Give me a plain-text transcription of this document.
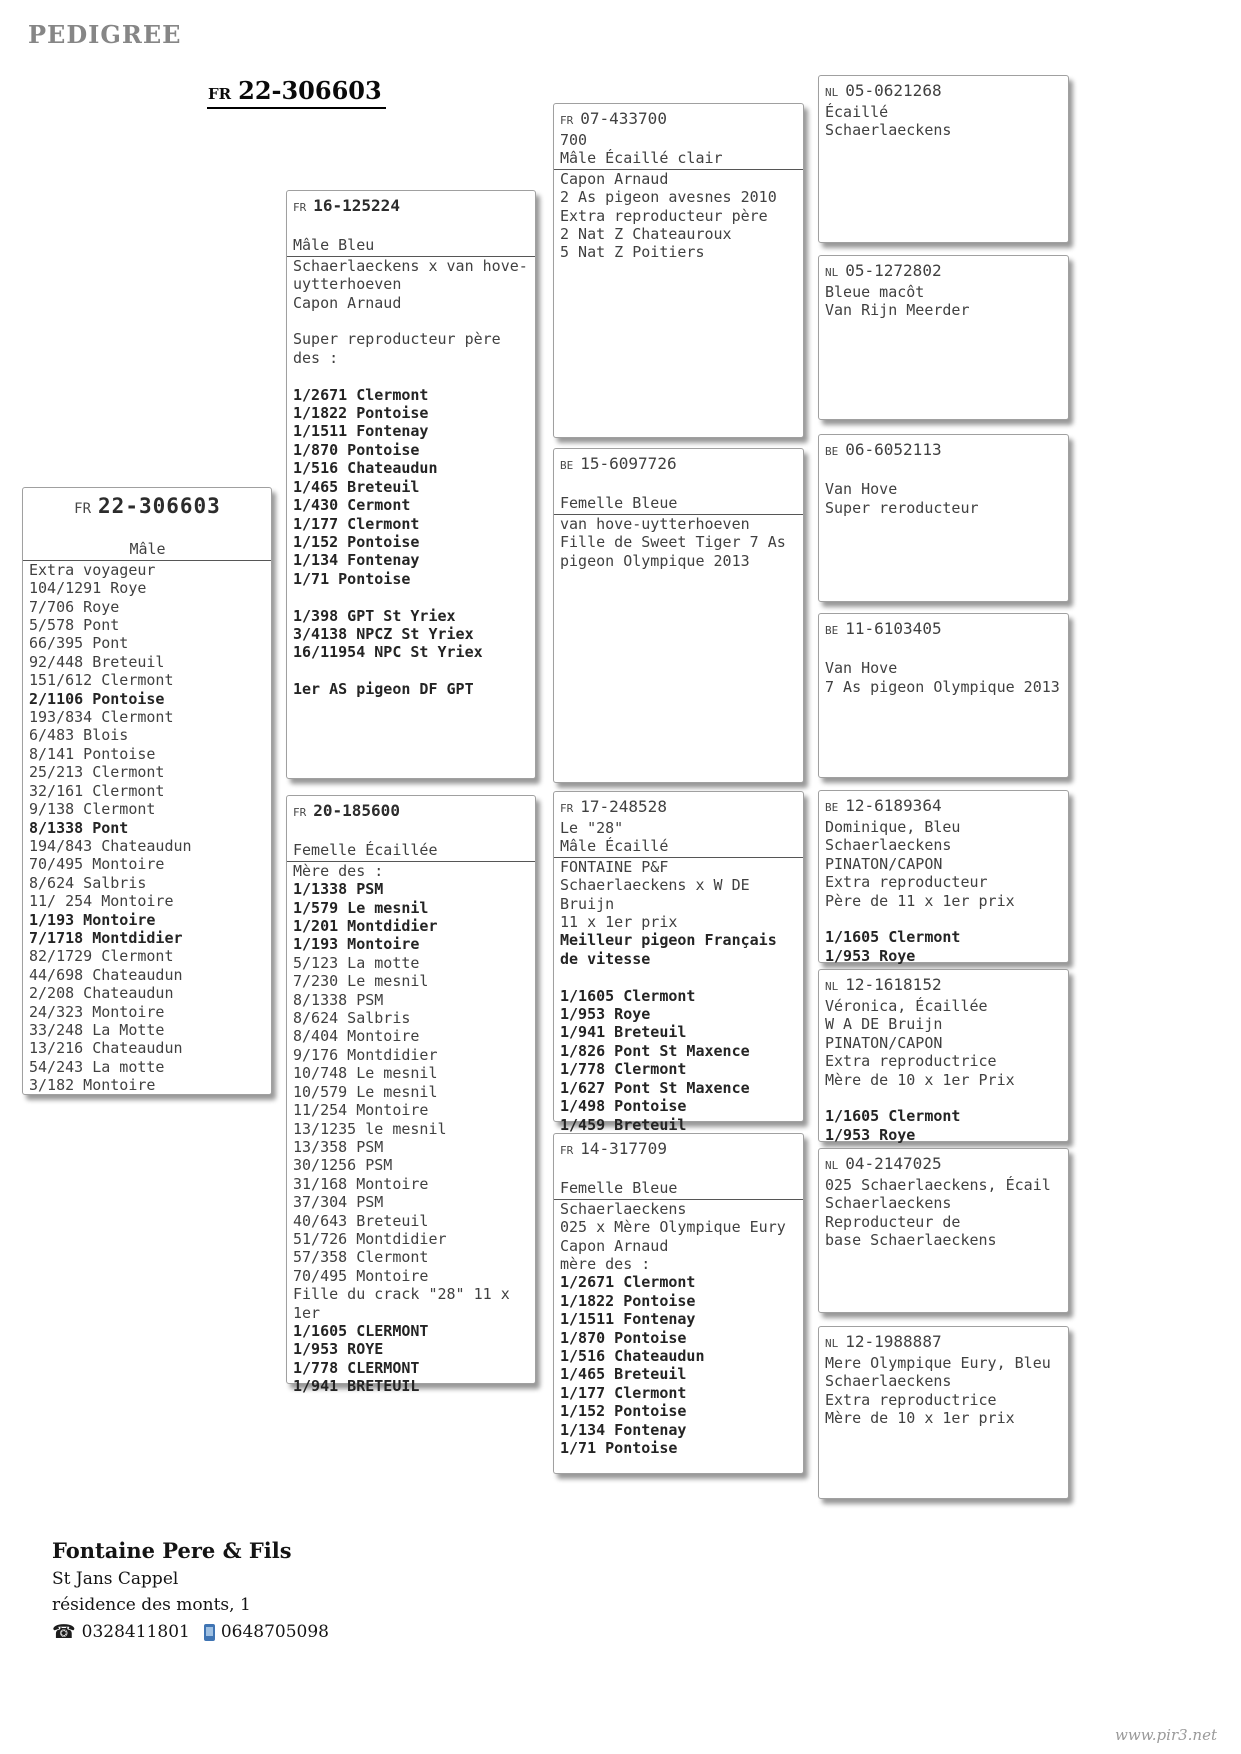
PEDIGREE
FR 22-306603
FR 22-306603

Mâle
Extra voyageur
104/1291 Roye
7/706 Roye
5/578 Pont
66/395 Pont
92/448 Breteuil
151/612 Clermont
2/1106 Pontoise
193/834 Clermont
6/483 Blois
8/141 Pontoise
25/213 Clermont
32/161 Clermont
9/138 Clermont
8/1338 Pont
194/843 Chateaudun
70/495 Montoire
8/624 Salbris
11/ 254 Montoire
1/193 Montoire
7/1718 Montdidier
82/1729 Clermont
44/698 Chateaudun
2/208 Chateaudun
24/323 Montoire
33/248 La Motte
13/216 Chateaudun
54/243 La motte
3/182 Montoire
FR 16-125224

Mâle Bleu
Schaerlaeckens x van hove-
uytterhoeven
Capon Arnaud

Super reproducteur père
des :

1/2671 Clermont
1/1822 Pontoise
1/1511 Fontenay
1/870 Pontoise
1/516 Chateaudun
1/465 Breteuil
1/430 Cermont
1/177 Clermont
1/152 Pontoise
1/134 Fontenay
1/71 Pontoise

1/398 GPT St Yriex
3/4138 NPCZ St Yriex
16/11954 NPC St Yriex

1er AS pigeon DF GPT
FR 20-185600

Femelle Écaillée
Mère des :
1/1338 PSM
1/579 Le mesnil
1/201 Montdidier
1/193 Montoire
5/123 La motte
7/230 Le mesnil
8/1338 PSM
8/624 Salbris
8/404 Montoire
9/176 Montdidier
10/748 Le mesnil
10/579 Le mesnil
11/254 Montoire
13/1235 le mesnil
13/358 PSM
30/1256 PSM
31/168 Montoire
37/304 PSM
40/643 Breteuil
51/726 Montdidier
57/358 Clermont
70/495 Montoire
Fille du crack "28" 11 x
1er
1/1605 CLERMONT
1/953 ROYE
1/778 CLERMONT
1/941 BRETEUIL
FR 07-433700
700
Mâle Écaillé clair
Capon Arnaud
2 As pigeon avesnes 2010
Extra reproducteur père
2 Nat Z Chateauroux
5 Nat Z Poitiers
BE 15-6097726

Femelle Bleue
van hove-uytterhoeven
Fille de Sweet Tiger 7 As
pigeon Olympique 2013
FR 17-248528
Le "28"
Mâle Écaillé
FONTAINE P&F
Schaerlaeckens x W DE
Bruijn
11 x 1er prix
Meilleur pigeon Français
de vitesse

1/1605 Clermont
1/953 Roye
1/941 Breteuil
1/826 Pont St Maxence
1/778 Clermont
1/627 Pont St Maxence
1/498 Pontoise
1/459 Breteuil
FR 14-317709

Femelle Bleue
Schaerlaeckens
025 x Mère Olympique Eury
Capon Arnaud
mère des :
1/2671 Clermont
1/1822 Pontoise
1/1511 Fontenay
1/870 Pontoise
1/516 Chateaudun
1/465 Breteuil
1/177 Clermont
1/152 Pontoise
1/134 Fontenay
1/71 Pontoise
NL 05-0621268
Écaillé
Schaerlaeckens
NL 05-1272802
Bleue macôt
Van Rijn Meerder
BE 06-6052113

Van Hove
Super reroducteur
BE 11-6103405

Van Hove
7 As pigeon Olympique 2013
BE 12-6189364
Dominique, Bleu
Schaerlaeckens
PINATON/CAPON
Extra reproducteur
Père de 11 x 1er prix

1/1605 Clermont
1/953 Roye
NL 12-1618152
Véronica, Écaillée
W A DE Bruijn
PINATON/CAPON
Extra reproductrice
Mère de 10 x 1er Prix

1/1605 Clermont
1/953 Roye
NL 04-2147025
025 Schaerlaeckens, Écail
Schaerlaeckens
Reproducteur de
base Schaerlaeckens
NL 12-1988887
Mere Olympique Eury, Bleu
Schaerlaeckens
Extra reproductrice
Mère de 10 x 1er prix
Fontaine Pere & Fils
St Jans Cappel
résidence des monts, 1
☎ 0328411801 0648705098
www.pir3.net
